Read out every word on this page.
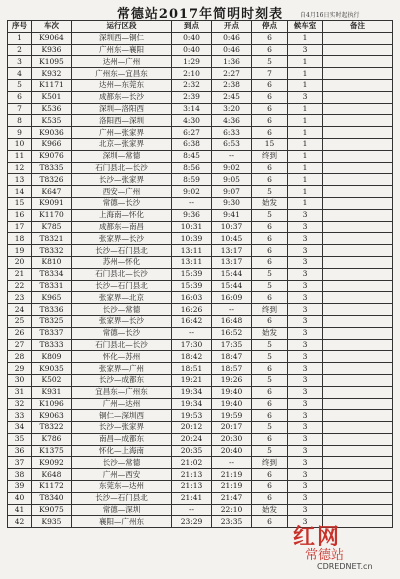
常德站2017年简明时刻表	自4月16日实时起执行
序号	车次	运行区段	到点	开点	停点	候车室	备注
1	K9064	深圳西—铜仁	0:40	0:46	6	1	
2	K936	广州东—襄阳	0:40	0:46	6	3	
3	K1095	达州—广州	1:29	1:36	5	1	
4	K932	广州东—宜昌东	2:10	2:27	7	1	
5	K1171	达州—东莞东	2:32	2:38	6	1	
6	K501	成都东—长沙	2:39	2:45	6	3	
7	K536	深圳—洛阳西	3:14	3:20	6	1	
8	K535	洛阳西—深圳	4:30	4:36	6	1	
9	K9036	广州—张家界	6:27	6:33	6	1	
10	K966	北京—张家界	6:38	6:53	15	1	
11	K9076	深圳—常德	8:45	--	终到	1	
12	T8335	石门县北—长沙	8:56	9:02	6	1	
13	T8326	长沙—张家界	8:59	9:05	6	1	
14	K647	西安—广州	9:02	9:07	5	1	
15	K9091	常德—长沙	--	9:30	始发	1	
16	K1170	上海南—怀化	9:36	9:41	5	3	
17	K785	成都东—南昌	10:31	10:37	6	3	
18	T8321	张家界—长沙	10:39	10:45	6	3	
19	T8332	长沙—石门县北	13:11	13:17	6	3	
20	K810	苏州—怀化	13:11	13:17	6	3	
21	T8334	石门县北—长沙	15:39	15:44	5	3	
22	T8331	长沙—石门县北	15:39	15:44	5	3	
23	K965	张家界—北京	16:03	16:09	6	3	
24	T8336	长沙—常德	16:26	--	终到	3	
25	T8325	张家界—长沙	16:42	16:48	6	3	
26	T8337	常德—长沙	--	16:52	始发	3	
27	T8333	石门县北—长沙	17:30	17:35	5	3	
28	K809	怀化—苏州	18:42	18:47	5	3	
29	K9035	张家界—广州	18:51	18:57	6	3	
30	K502	长沙—成都东	19:21	19:26	5	3	
31	K931	宜昌东—广州东	19:34	19:40	6	3	
32	K1096	广州—达州	19:34	19:40	6	3	
33	K9063	铜仁—深圳西	19:53	19:59	6	3	
34	T8322	长沙—张家界	20:12	20:17	5	3	
35	K786	南昌—成都东	20:24	20:30	6	3	
36	K1375	怀化—上海南	20:35	20:40	5	3	
37	K9092	长沙—常德	21:02	--	终到	3	
38	K648	广州—西安	21:13	21:19	6	3	
39	K1172	东莞东—达州	21:13	21:19	6	3	
40	T8340	长沙—石门县北	21:41	21:47	6	3	
41	K9075	常德—深圳	--	22:10	始发	3	
42	K935	襄阳—广州东	23:29	23:35	6	3	
红网
常德站
CDREDNET.cn
